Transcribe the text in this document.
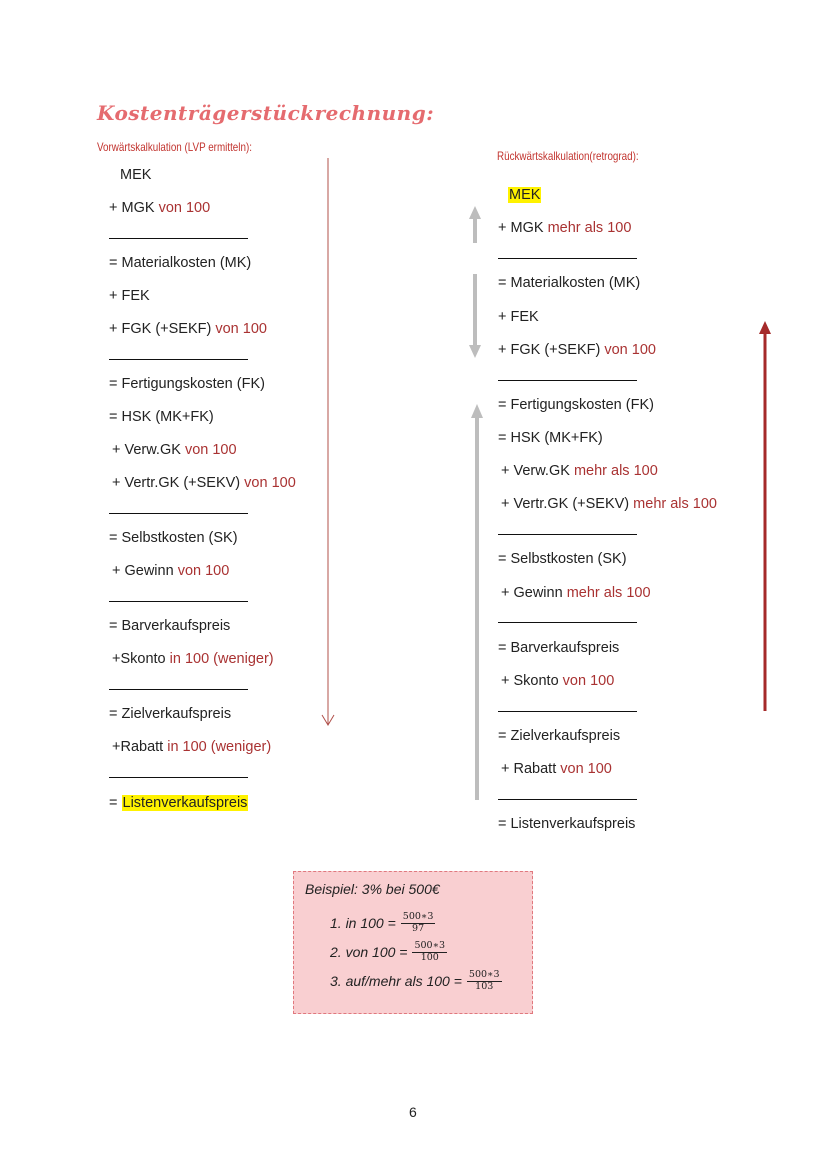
Kostenträgerstückrechnung:
Vorwärtskalkulation (LVP ermitteln):
Rückwärtskalkulation(retrograd):
MEK
+ MGK von 100
= Materialkosten (MK)
+ FEK
+ FGK (+SEKF) von 100
= Fertigungskosten (FK)
= HSK (MK+FK)
+ Verw.GK von 100
+ Vertr.GK (+SEKV) von 100
= Selbstkosten (SK)
+ Gewinn von 100
= Barverkaufspreis
+Skonto in 100 (weniger)
= Zielverkaufspreis
+Rabatt in 100 (weniger)
= Listenverkaufspreis
MEK
+ MGK mehr als 100
= Materialkosten (MK)
+ FEK
+ FGK (+SEKF) von 100
= Fertigungskosten (FK)
= HSK (MK+FK)
+ Verw.GK mehr als 100
+ Vertr.GK (+SEKV) mehr als 100
= Selbstkosten (SK)
+ Gewinn mehr als 100
= Barverkaufspreis
+ Skonto von 100
= Zielverkaufspreis
+ Rabatt von 100
= Listenverkaufspreis
Beispiel: 3% bei 500€
1. in $100 = \frac{500∗3}{97}$
2. von $100 = \frac{500∗3}{100}$
3. auf/mehr als $100 = \frac{500∗3}{103}$
6
